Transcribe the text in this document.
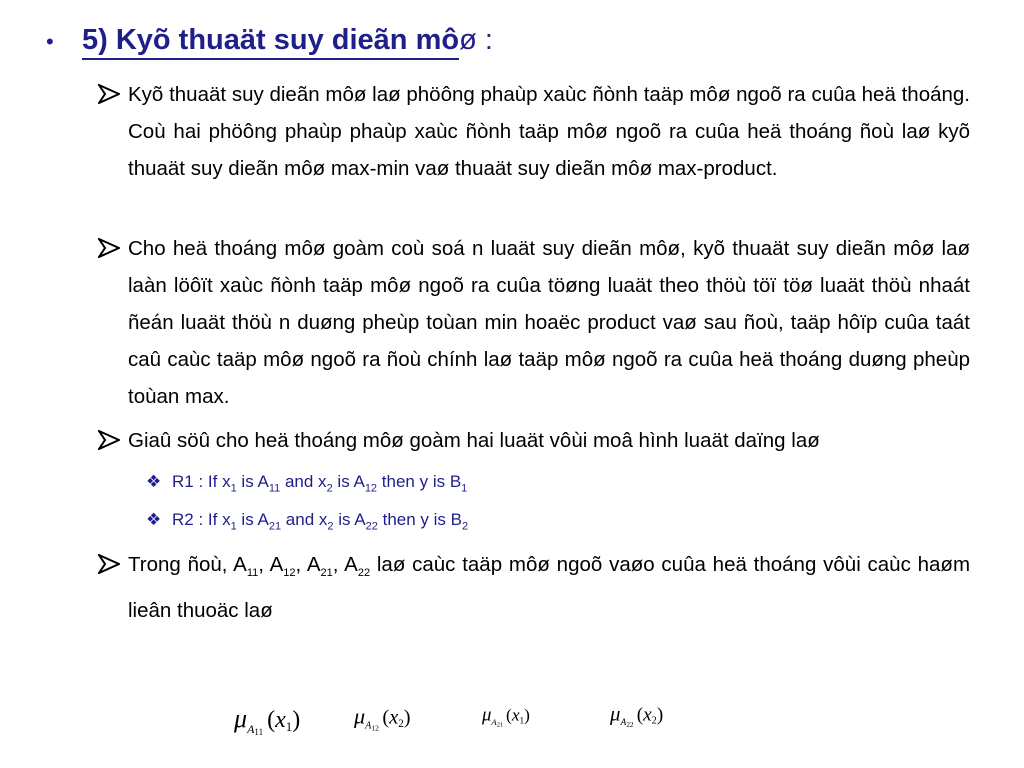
• 5) Kyõ thuaät suy dieãn mô ø :
Kyõ thuaät suy dieãn môø laø phöông phaùp xaùc ñònh taäp môø ngoõ ra cuûa heä thoáng. Coù hai phöông phaùp phaùp xaùc ñònh taäp môø ngoõ ra cuûa heä thoáng ñoù laø kyõ thuaät suy dieãn môø max-min vaø thuaät suy dieãn môø max-product.
Cho heä thoáng môø goàm coù soá n luaät suy dieãn môø, kyõ thuaät suy dieãn môø laø laàn löôït xaùc ñònh taäp môø ngoõ ra cuûa töøng luaät theo thöù töï töø luaät thöù nhaát ñeán luaät thöù n duøng pheùp toùan min hoaëc product vaø sau ñoù, taäp hôïp cuûa taát caû caùc taäp môø ngoõ ra ñoù chính laø taäp môø ngoõ ra cuûa heä thoáng duøng pheùp toùan max.
Giaû söû cho heä thoáng môø goàm hai luaät vôùi moâ hình luaät daïng laø
❖ R1 : If $x_1$ is $A_{11}$ and $x_2$ is $A_{12}$ then y is $B_1$
❖ R2 : If $x_1$ is $A_{21}$ and $x_2$ is $A_{22}$ then y is $B_2$
Trong ñoù, $A_{11}$, $A_{12}$, $A_{21}$, $A_{22}$ laø caùc taäp môø ngoõ vaøo cuûa heä thoáng vôùi caùc haøm lieân thuoäc laø
$\mu_{A11}$ (x1) $\mu_{A12}$ (x2)	$\mu_{A21}$ (x1)	$\mu_{A22}$ (x2)
